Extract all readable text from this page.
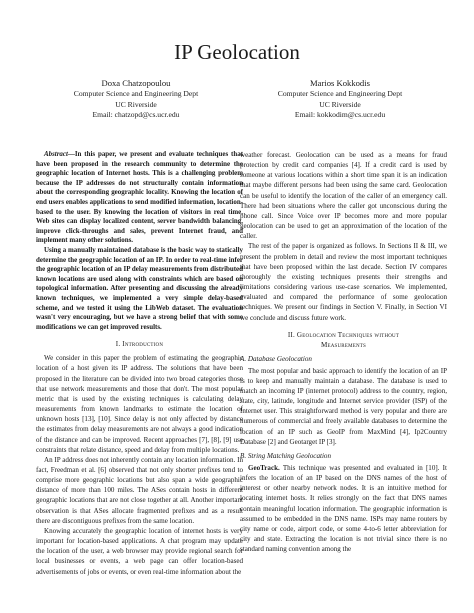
IP Geolocation
Doxa Chatzopoulou
Computer Science and Engineering Dept
UC Riverside
Email: chatzopd@cs.ucr.edu
Marios Kokkodis
Computer Science and Engineering Dept
UC Riverside
Email: kokkodim@cs.ucr.edu

Abstract—In this paper, we present and evaluate techniques that have been proposed in the research community to determine the geographic location of Internet hosts. This is a challenging problem because the IP addresses do not structurally contain information about the corresponding geographic locality. Knowing the location of end users enables applications to send modified information, location-based to the user. By knowing the location of visitors in real time, Web sites can display localized content, server bandwidth balancing, improve click-throughs and sales, prevent Internet fraud, and implement many other solutions.

Using a manually maintained database is the basic way to statically determine the geographic location of an IP. In order to real-time infer the geographic location of an IP delay measurements from distributed known locations are used along with constraints which are based on topological information. After presenting and discussing the already known techniques, we implemented a very simple delay-based scheme, and we tested it using the LibWeb dataset. The evaluation wasn't very encouraging, but we have a strong belief that with some modifications we can get improved results.

I. Introduction

We consider in this paper the problem of estimating the geographic location of a host given its IP address. The solutions that have been proposed in the literature can be divided into two broad categories those that use network measurements and those that don't. The most popular metric that is used by the existing techniques is calculating delay measurements from known landmarks to estimate the location of unknown hosts [13], [10]. Since delay is not only affected by distance the estimates from delay measurements are not always a good indication of the distance and can be improved. Recent approaches [7], [8], [9] use constraints that relate distance, speed and delay from multiple locations.

An IP address does not inherently contain any location information. In fact, Freedman et al. [6] observed that not only shorter prefixes tend to comprise more geographic locations but also span a wide geographic distance of more than 100 miles. The ASes contain hosts in different geographic locations that are not close together at all. Another important observation is that ASes allocate fragmented prefixes and as a result there are discontiguous prefixes from the same location.

Knowing accurately the geographic location of internet hosts is very important for location-based applications. A chat program may update the location of the user, a web browser may provide regional search for local businesses or events, a web page can offer location-based advertisements of jobs or events, or even real-time information about the

weather forecast. Geolocation can be used as a means for fraud protection by credit card companies [4]. If a credit card is used by someone at various locations within a short time span it is an indication that maybe different persons had been using the same card. Geolocation can be useful to identify the location of the caller of an emergency call. There had been situations where the caller got unconscious during the phone call. Since Voice over IP becomes more and more popular geolocation can be used to get an approximation of the location of the caller.

The rest of the paper is organized as follows. In Sections II & III, we present the problem in detail and review the most important techniques that have been proposed within the last decade. Section IV compares thoroughly the existing techniques presents their strengths and limitations considering various use-case scenarios. We implemented, evaluated and compared the performance of some geolocation techniques. We present our findings in Section V. Finally, in Section VI we conclude and discuss future work.

II. Geolocation Techniques without
Measurements
A. Database Geolocation

The most popular and basic approach to identify the location of an IP is to keep and manually maintain a database. The database is used to match an incoming IP (internet protocol) address to the country, region, state, city, latitude, longitude and Internet service provider (ISP) of the Internet user. This straightforward method is very popular and there are numerous of commercial and freely available databases to determine the location of an IP such as GeoIP from MaxMind [4], Ip2Country Database [2] and Geotarget IP [3].

B. String Matching Geolocation

GeoTrack. This technique was presented and evaluated in [10]. It infers the location of an IP based on the DNS names of the host of interest or other nearby network nodes. It is an intuitive method for locating internet hosts. It relies strongly on the fact that DNS names contain meaningful location information. The geographic information is assumed to be embedded in the DNS name. ISPs may name routers by city name or code, airport code, or some 4-to-6 letter abbreviation for city and state. Extracting the location is not trivial since there is no standard naming convention among the
